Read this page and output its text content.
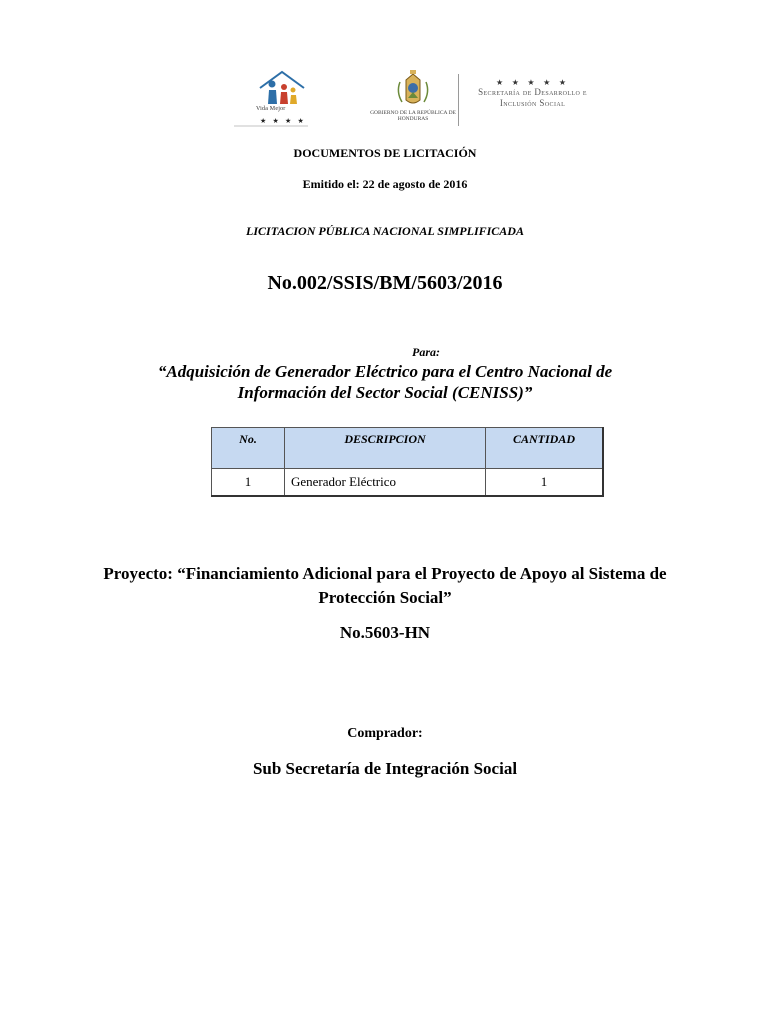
Vida Mejor
★ ★ ★ ★
GOBIERNO DE LA REPÚBLICA DE HONDURAS
★ ★ ★ ★ ★
Secretaría de Desarrollo e
Inclusión Social
DOCUMENTOS DE LICITACIÓN
Emitido el: 22 de agosto de 2016
LICITACION PÚBLICA NACIONAL SIMPLIFICADA
No.002/SSIS/BM/5603/2016
Para:
“Adquisición de Generador Eléctrico para el Centro Nacional de
Información del Sector Social (CENISS)”
No.	DESCRIPCION	CANTIDAD
1	Generador Eléctrico	1
Proyecto: “Financiamiento Adicional para el Proyecto de Apoyo al Sistema de
Protección Social”
No.5603-HN
Comprador:
Sub Secretaría de Integración Social
